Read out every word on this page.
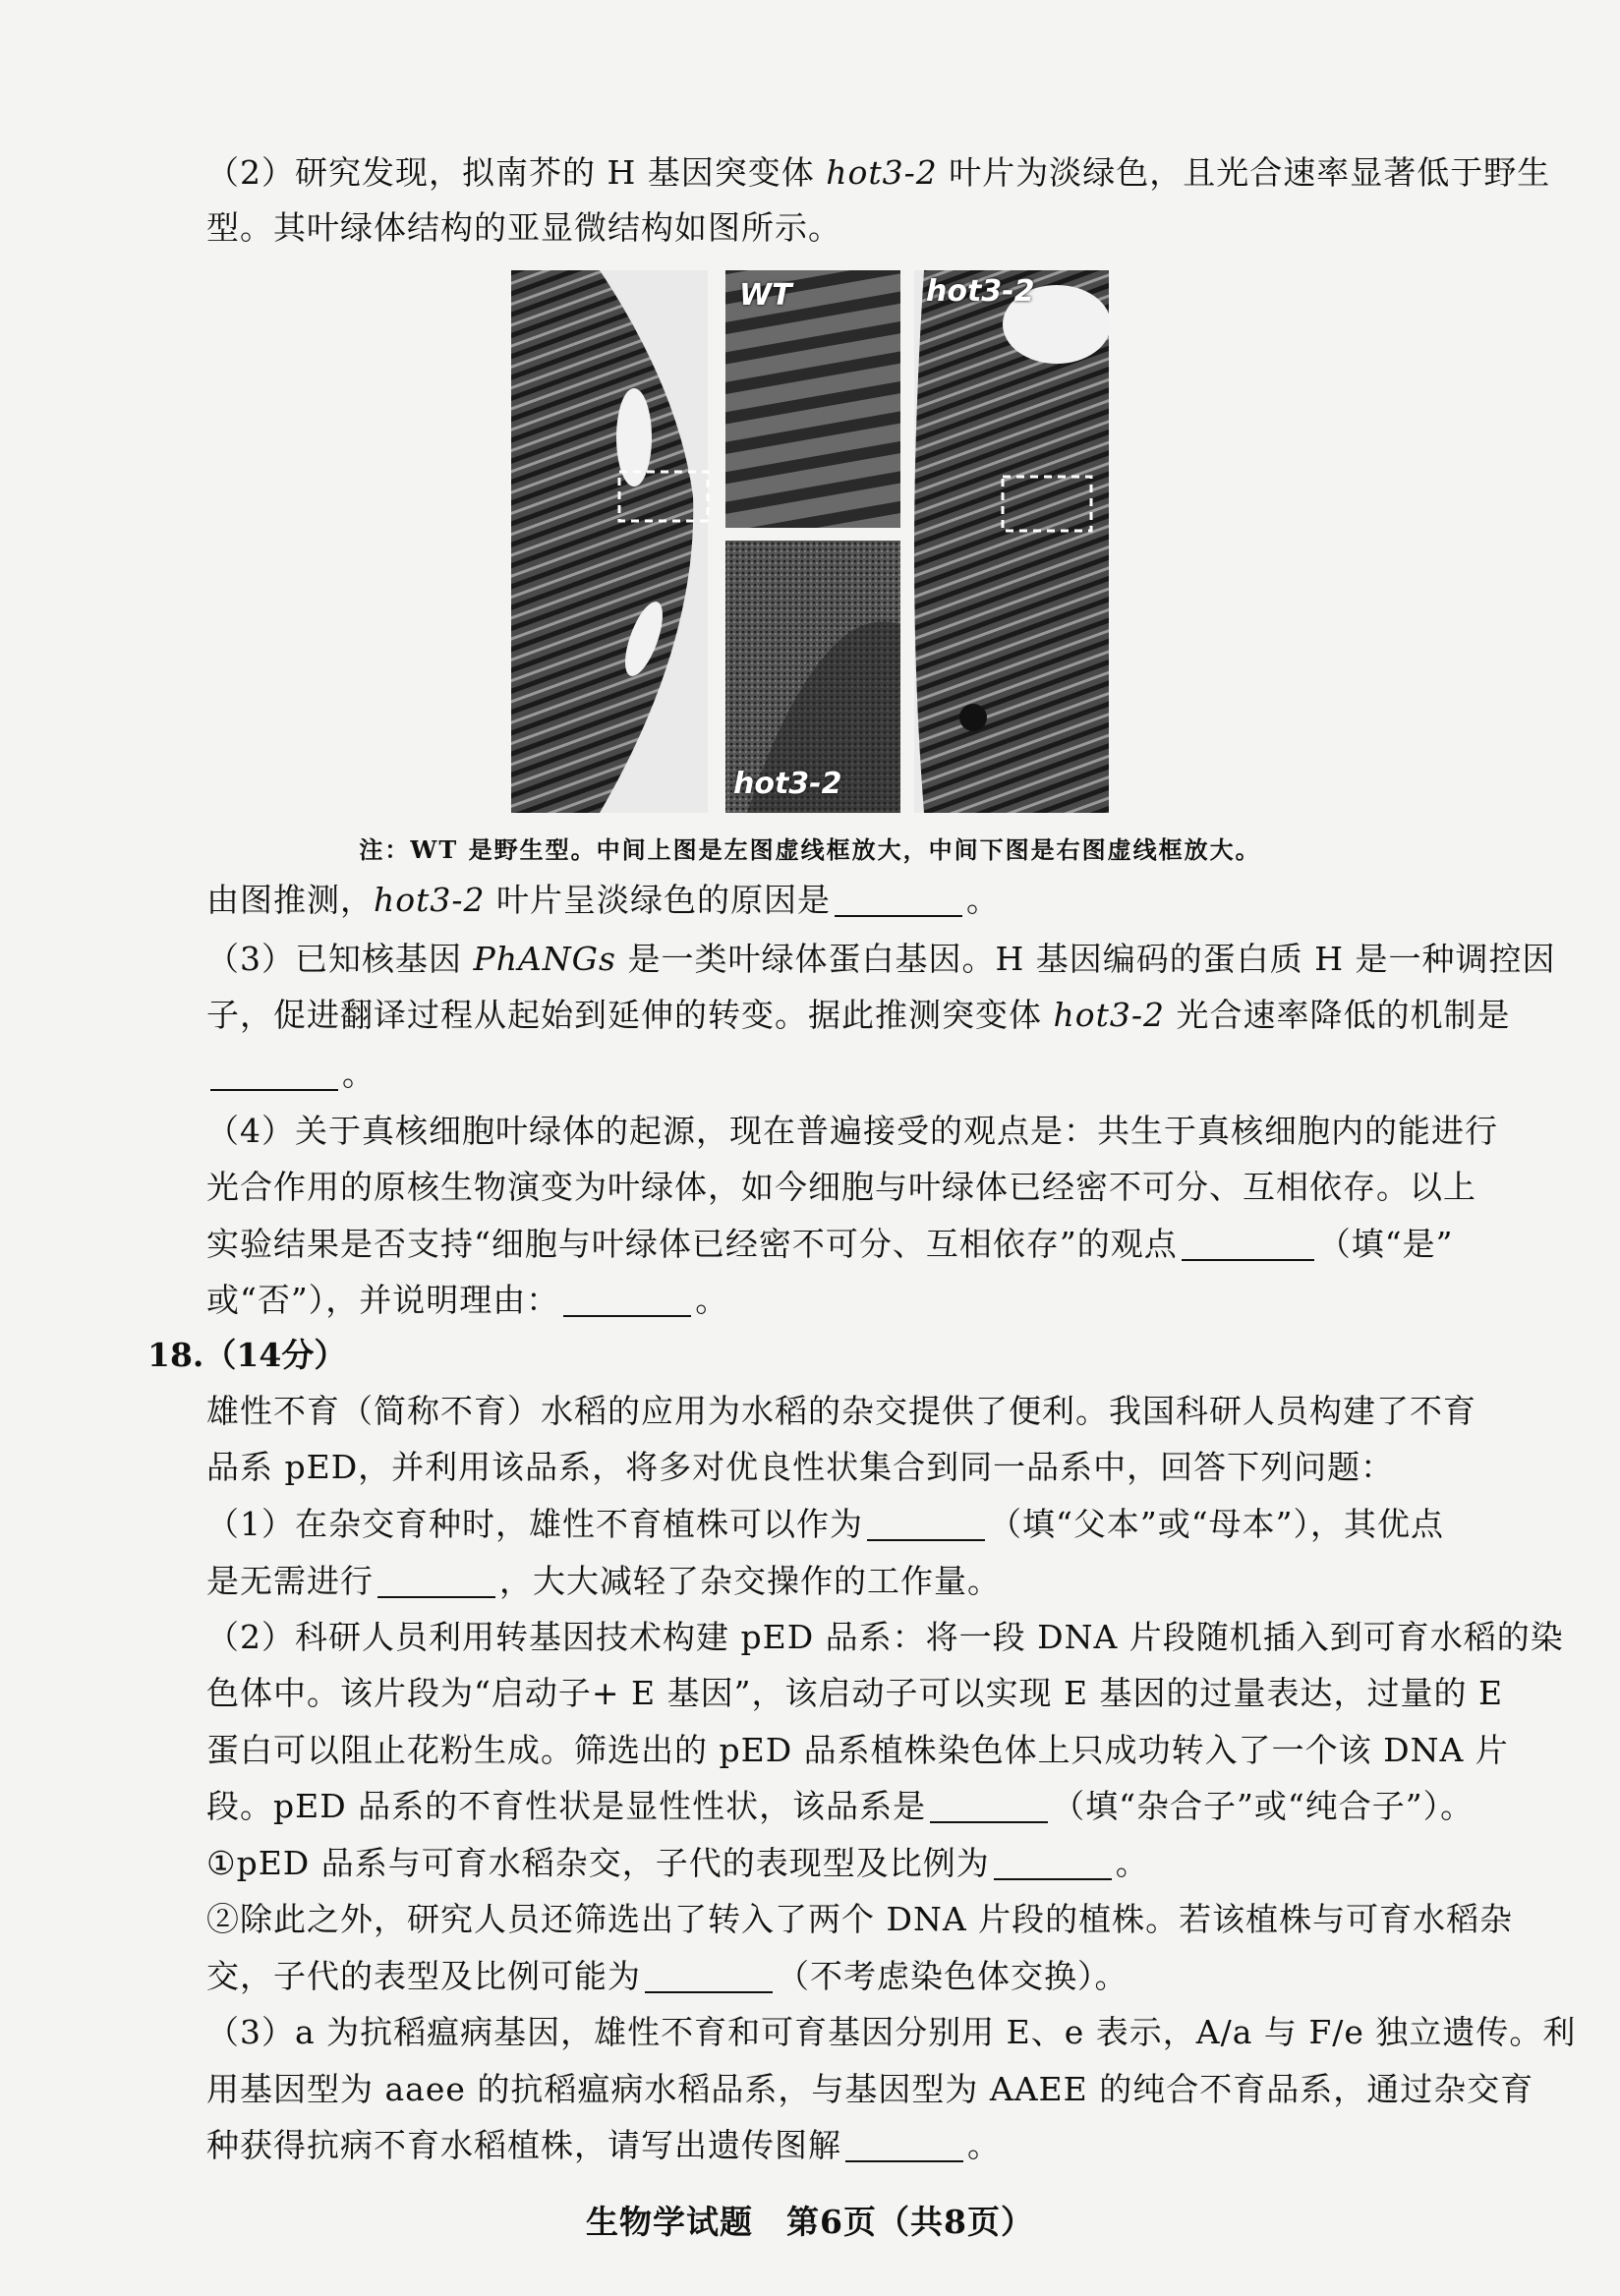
（2）研究发现，拟南芥的 H 基因突变体 hot3-2 叶片为淡绿色，且光合速率显著低于野生
型。其叶绿体结构的亚显微结构如图所示。
WT	hot3-2
hot3-2
注：WT 是野生型。中间上图是左图虚线框放大，中间下图是右图虚线框放大。
由图推测，hot3-2 叶片呈淡绿色的原因是	。
（3）已知核基因 PhANGs 是一类叶绿体蛋白基因。H 基因编码的蛋白质 H 是一种调控因
子，促进翻译过程从起始到延伸的转变。据此推测突变体 hot3-2 光合速率降低的机制是
。
（4）关于真核细胞叶绿体的起源，现在普遍接受的观点是：共生于真核细胞内的能进行
光合作用的原核生物演变为叶绿体，如今细胞与叶绿体已经密不可分、互相依存。以上
实验结果是否支持“细胞与叶绿体已经密不可分、互相依存”的观点	（填“是”
或“否”），并说明理由：	。
18.（14分）
雄性不育（简称不育）水稻的应用为水稻的杂交提供了便利。我国科研人员构建了不育
品系 pED，并利用该品系，将多对优良性状集合到同一品系中，回答下列问题：
（1）在杂交育种时，雄性不育植株可以作为	（填“父本”或“母本”），其优点
是无需进行	，大大减轻了杂交操作的工作量。
（2）科研人员利用转基因技术构建 pED 品系：将一段 DNA 片段随机插入到可育水稻的染
色体中。该片段为“启动子+ E 基因”，该启动子可以实现 E 基因的过量表达，过量的 E
蛋白可以阻止花粉生成。筛选出的 pED 品系植株染色体上只成功转入了一个该 DNA 片
段。pED 品系的不育性状是显性性状，该品系是	（填“杂合子”或“纯合子”）。
①pED 品系与可育水稻杂交，子代的表现型及比例为	。
②除此之外，研究人员还筛选出了转入了两个 DNA 片段的植株。若该植株与可育水稻杂
交，子代的表型及比例可能为	（不考虑染色体交换）。
（3）a 为抗稻瘟病基因，雄性不育和可育基因分别用 E、e 表示，A/a 与 F/e 独立遗传。利
用基因型为 aaee 的抗稻瘟病水稻品系，与基因型为 AAEE 的纯合不育品系，通过杂交育
种获得抗病不育水稻植株，请写出遗传图解	。
生物学试题　第6页（共8页）
